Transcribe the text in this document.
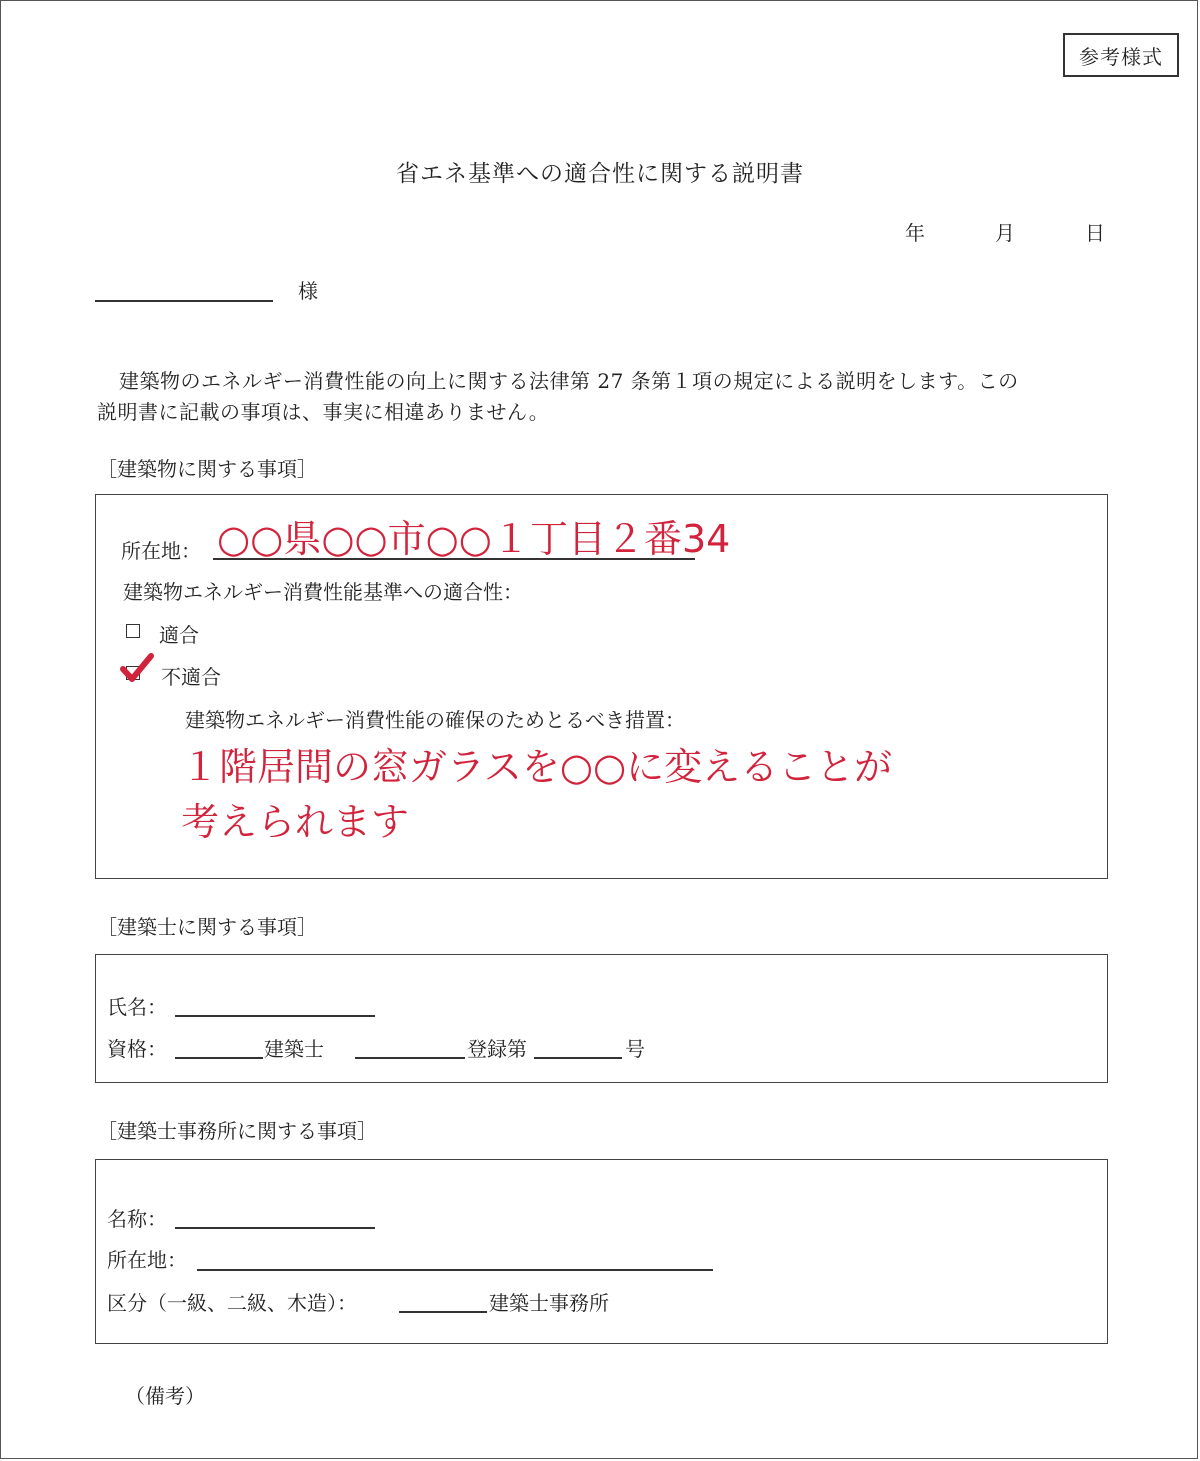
参考様式
省エネ基準への適合性に関する説明書
年	月	日
様
建築物のエネルギー消費性能の向上に関する法律第 27 条第１項の規定による説明をします。この
説明書に記載の事項は、事実に相違ありません。
［建築物に関する事項］
所在地： ○○県○○市○○１丁目２番34
建築物エネルギー消費性能基準への適合性：
適合
不適合
建築物エネルギー消費性能の確保のためとるべき措置：
１階居間の窓ガラスを○○に変えることが
考えられます
［建築士に関する事項］
氏名：
資格：	建築士	登録第	号
［建築士事務所に関する事項］
名称：
所在地：
区分（一級、二級、木造）：	建築士事務所
（備考）
